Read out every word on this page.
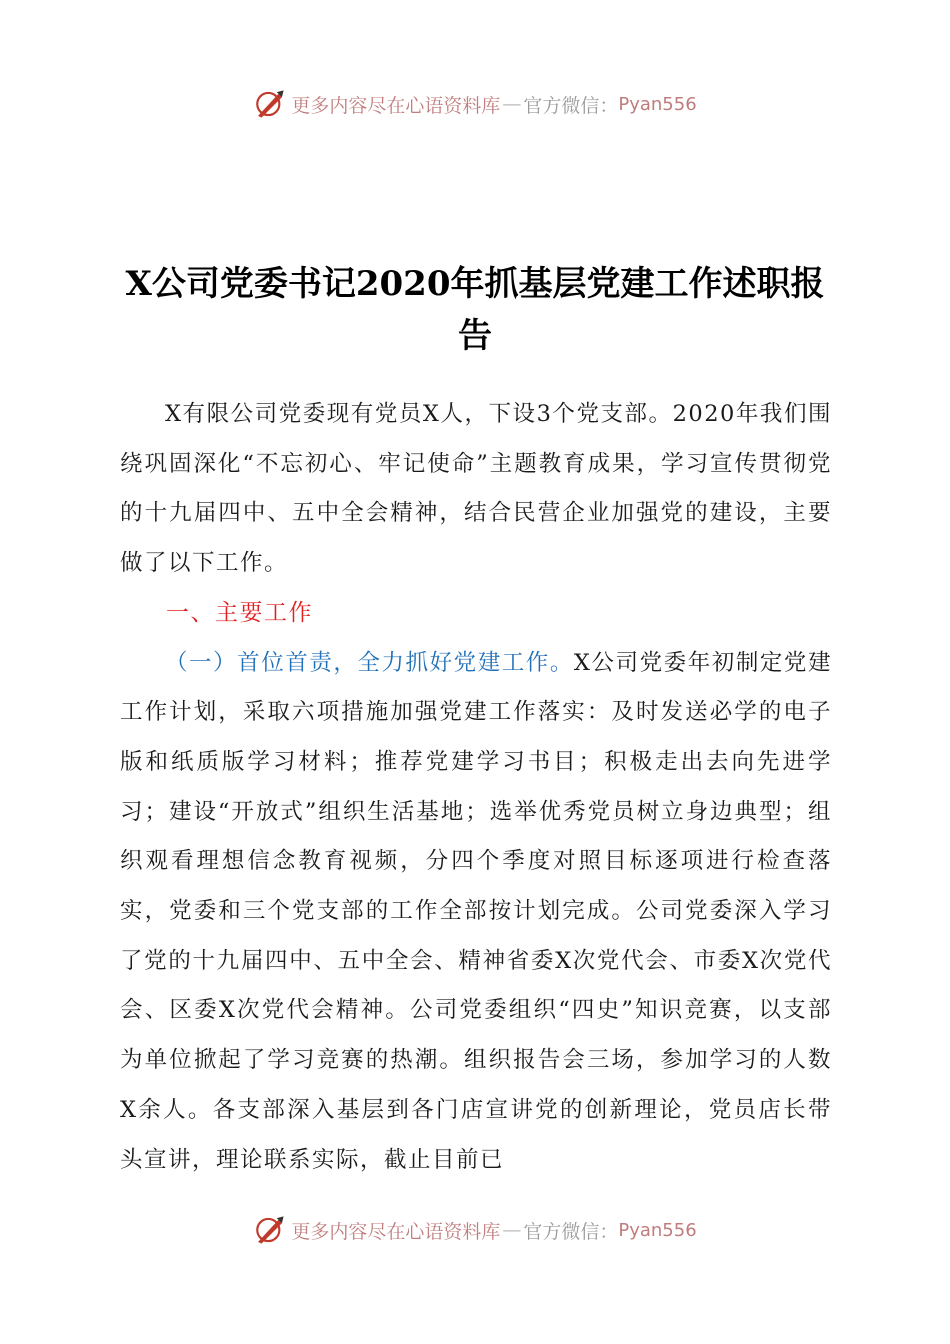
更多内容尽在心语资料库 — 官方微信： Pyan556
X公司党委书记2020年抓基层党建工作述职报告

X有限公司党委现有党员X人，下设3个党支部。2020年我们围绕巩固深化“不忘初心、牢记使命”主题教育成果，学习宣传贯彻党的十九届四中、五中全会精神，结合民营企业加强党的建设，主要做了以下工作。

一、主要工作

（一）首位首责，全力抓好党建工作。X公司党委年初制定党建工作计划，采取六项措施加强党建工作落实：及时发送必学的电子版和纸质版学习材料；推荐党建学习书目；积极走出去向先进学习；建设“开放式”组织生活基地；选举优秀党员树立身边典型；组织观看理想信念教育视频，分四个季度对照目标逐项进行检查落实，党委和三个党支部的工作全部按计划完成。公司党委深入学习了党的十九届四中、五中全会、精神省委X次党代会、市委X次党代会、区委X次党代会精神。公司党委组织“四史”知识竞赛，以支部为单位掀起了学习竞赛的热潮。组织报告会三场，参加学习的人数X余人。各支部深入基层到各门店宣讲党的创新理论，党员店长带头宣讲，理论联系实际，截止目前已

更多内容尽在心语资料库 — 官方微信： Pyan556
